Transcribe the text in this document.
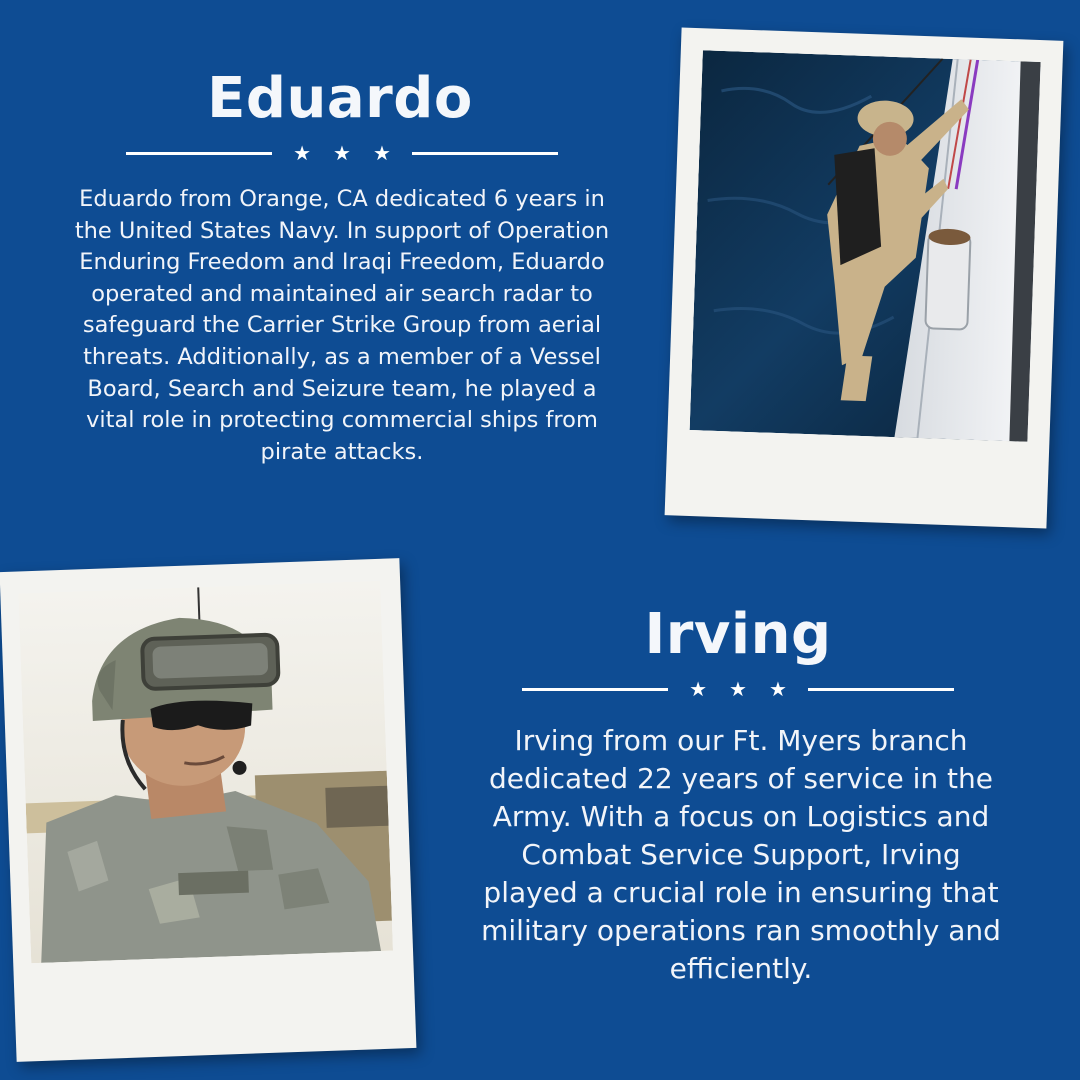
Eduardo
★ ★ ★

Eduardo from Orange, CA dedicated 6 years in the United States Navy. In support of Operation Enduring Freedom and Iraqi Freedom, Eduardo operated and maintained air search radar to safeguard the Carrier Strike Group from aerial threats. Additionally, as a member of a Vessel Board, Search and Seizure team, he played a vital role in protecting commercial ships from pirate attacks.

Irving
★ ★ ★

Irving from our Ft. Myers branch dedicated 22 years of service in the Army. With a focus on Logistics and Combat Service Support, Irving played a crucial role in ensuring that military operations ran smoothly and efficiently.
